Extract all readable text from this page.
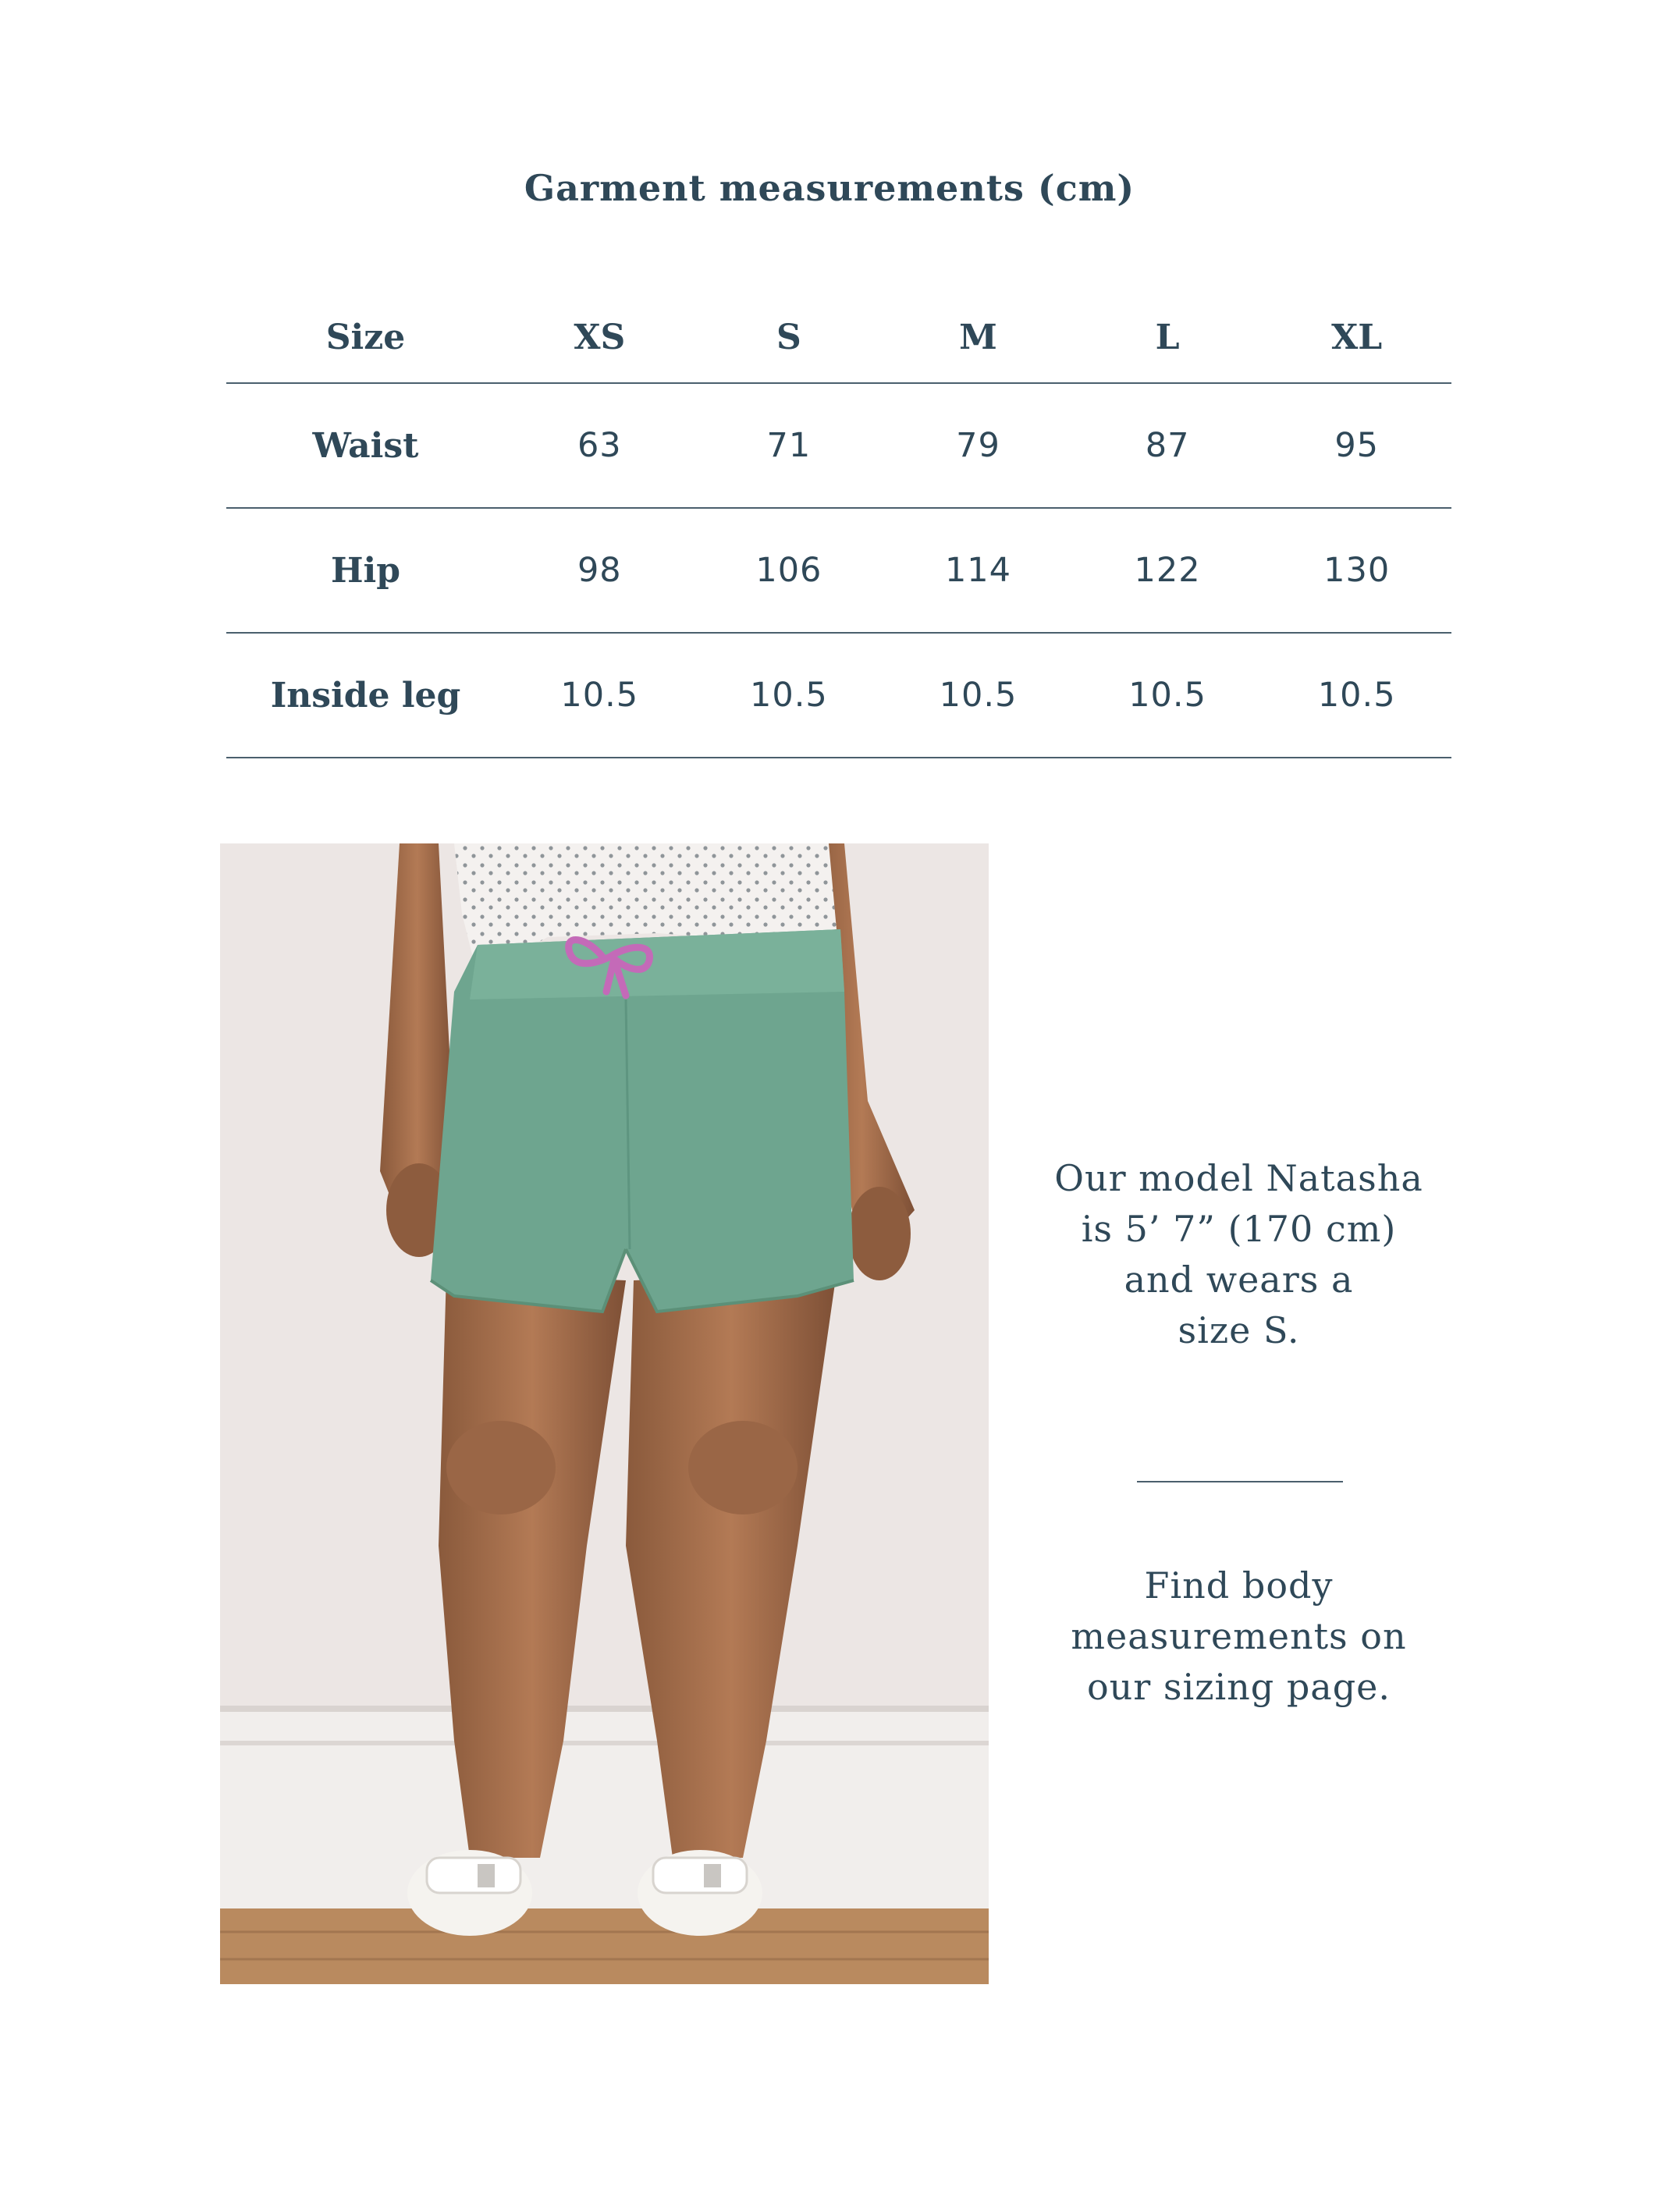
Garment measurements (cm)
Size	XS	S	M	L	XL
Waist	63	71	79	87	95
Hip	98	106	114	122	130
Inside leg	10.5	10.5	10.5	10.5	10.5
Our model Natasha
is 5’ 7” (170 cm)
and wears a
size S.
Find body
measurements on
our sizing page.
